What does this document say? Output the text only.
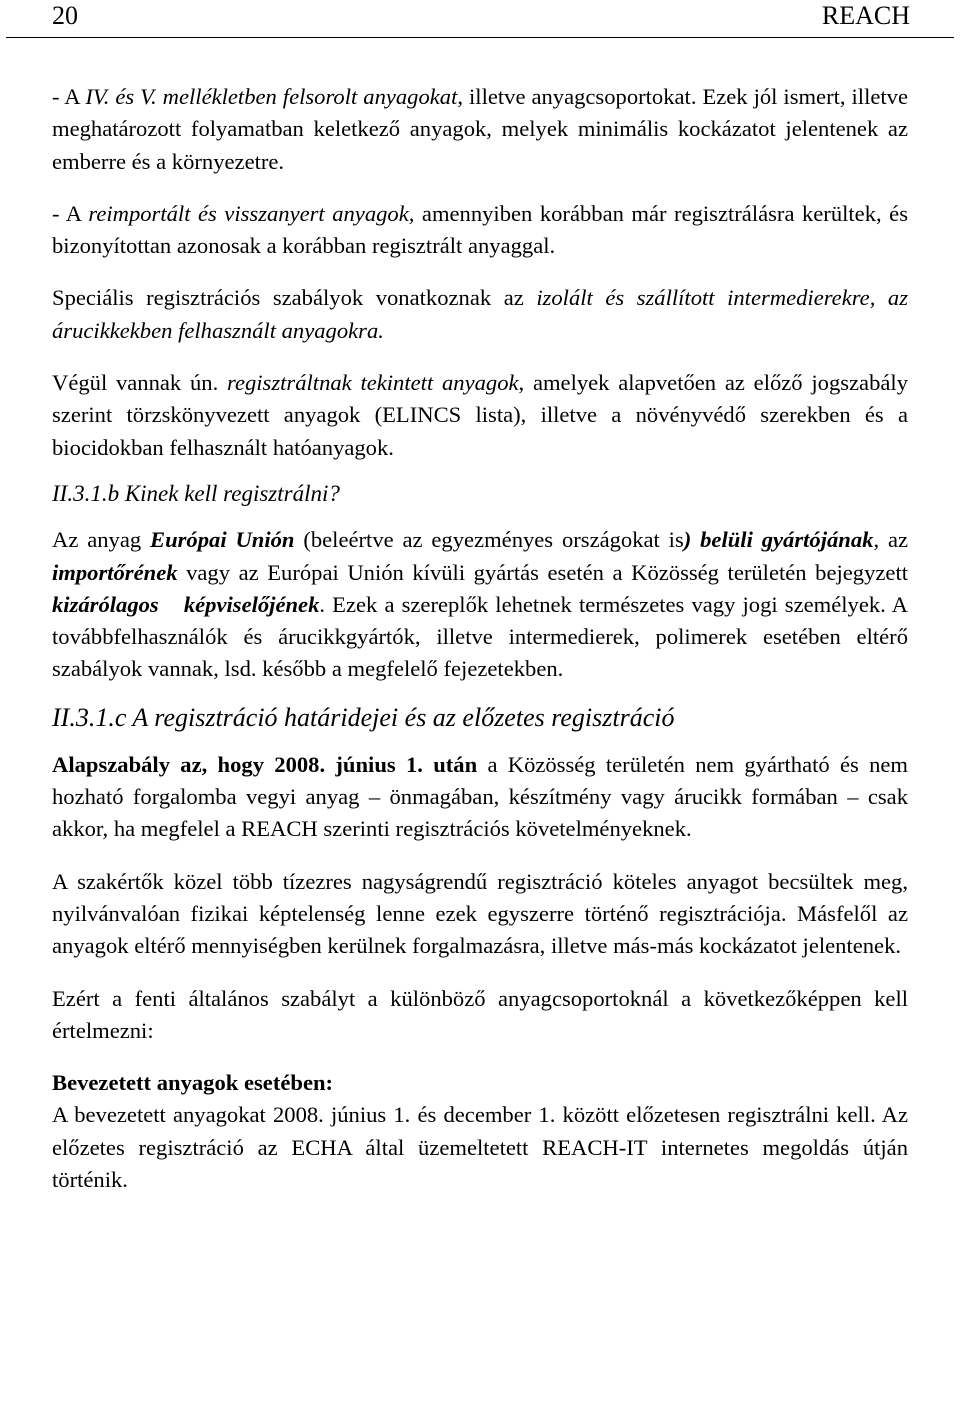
20	REACH

- A IV. és V. mellékletben felsorolt anyagokat, illetve anyagcsoportokat. Ezek jól ismert, illetve meghatározott folyamatban keletkező anyagok, melyek minimális kockázatot jelentenek az emberre és a környezetre.

- A reimportált és visszanyert anyagok, amennyiben korábban már regisztrálásra kerültek, és bizonyítottan azonosak a korábban regisztrált anyaggal.

Speciális regisztrációs szabályok vonatkoznak az izolált és szállított intermedierekre, az árucikkekben felhasznált anyagokra.

Végül vannak ún. regisztráltnak tekintett anyagok, amelyek alapvetően az előző jogszabály szerint törzskönyvezett anyagok (ELINCS lista), illetve a növényvédő szerekben és a biocidokban felhasznált hatóanyagok.

II.3.1.b Kinek kell regisztrálni?

Az anyag Európai Unión (beleértve az egyezményes országokat is) belüli gyártójának, az importőrének vagy az Európai Unión kívüli gyártás esetén a Közösség területén bejegyzett kizárólagos képviselőjének. Ezek a szereplők lehetnek természetes vagy jogi személyek. A továbbfelhasználók és árucikkgyártók, illetve intermedierek, polimerek esetében eltérő szabályok vannak, lsd. később a megfelelő fejezetekben.

II.3.1.c A regisztráció határidejei és az előzetes regisztráció

Alapszabály az, hogy 2008. június 1. után a Közösség területén nem gyártható és nem hozható forgalomba vegyi anyag – önmagában, készítmény vagy árucikk formában – csak akkor, ha megfelel a REACH szerinti regisztrációs követelményeknek.

A szakértők közel több tízezres nagyságrendű regisztráció köteles anyagot becsültek meg, nyilvánvalóan fizikai képtelenség lenne ezek egyszerre történő regisztrációja. Másfelől az anyagok eltérő mennyiségben kerülnek forgalmazásra, illetve más-más kockázatot jelentenek.

Ezért a fenti általános szabályt a különböző anyagcsoportoknál a következőképpen kell értelmezni:

Bevezetett anyagok esetében:

A bevezetett anyagokat 2008. június 1. és december 1. között előzetesen regisztrálni kell. Az előzetes regisztráció az ECHA által üzemeltetett REACH-IT internetes megoldás útján történik.
